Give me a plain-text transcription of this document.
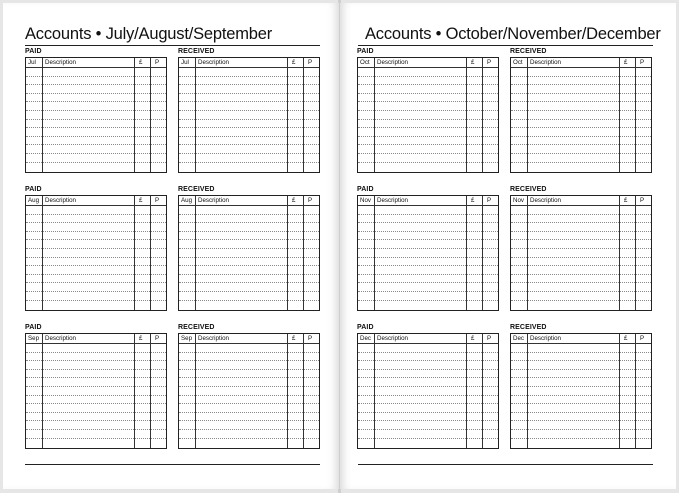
Accounts • July/August/September	Accounts • October/November/December
PAID
Jul Description	£ P
RECEIVED
Jul Description	£ P
PAID
Aug Description	£ P
RECEIVED
Aug Description	£ P
PAID
Sep Description	£ P
RECEIVED
Sep Description	£ P
PAID
Oct Description	£ P
RECEIVED
Oct Description	£ P
PAID
Nov Description	£ P
RECEIVED
Nov Description	£ P
PAID
Dec Description	£ P
RECEIVED
Dec Description	£ P
